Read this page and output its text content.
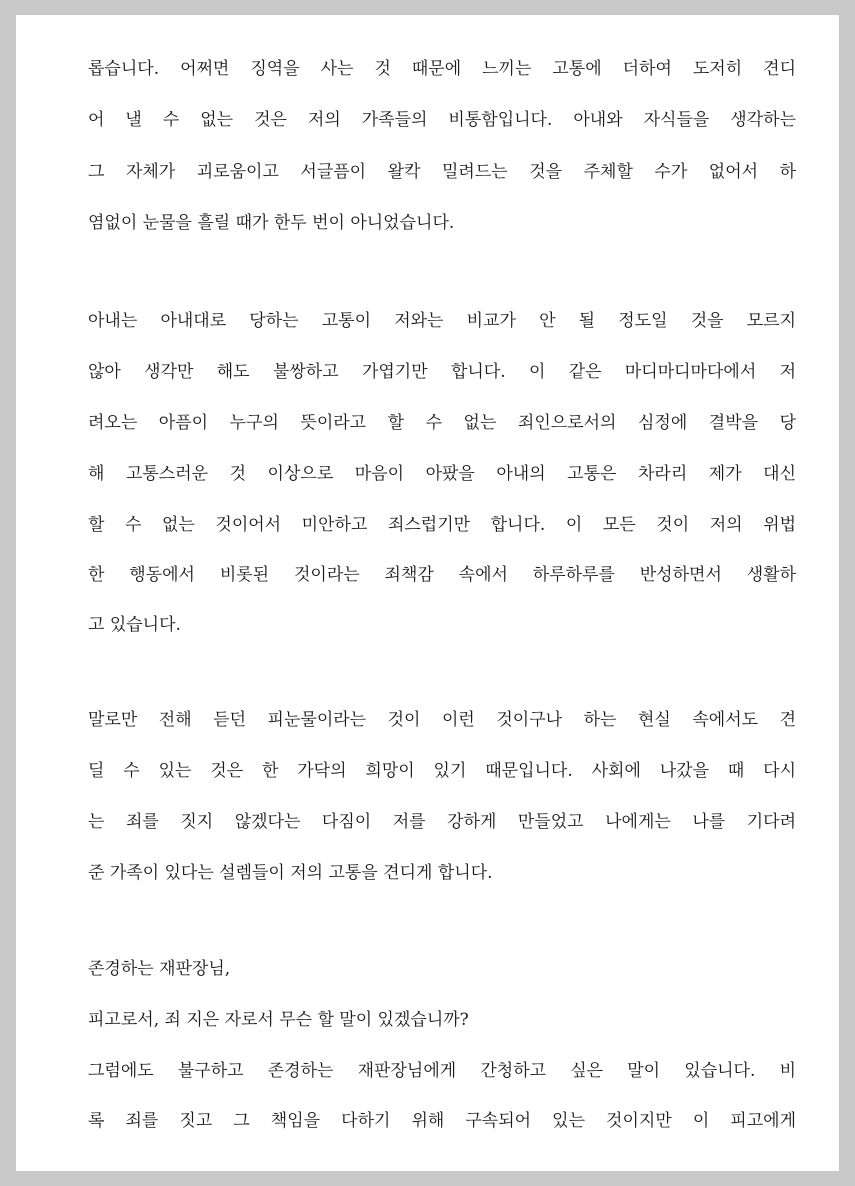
롭습니다. 어쩌면 징역을 사는 것 때문에 느끼는 고통에 더하여 도저히 견디
어 낼 수 없는 것은 저의 가족들의 비통함입니다. 아내와 자식들을 생각하는
그 자체가 괴로움이고 서글픔이 왈칵 밀려드는 것을 주체할 수가 없어서 하
염없이 눈물을 흘릴 때가 한두 번이 아니었습니다.
아내는 아내대로 당하는 고통이 저와는 비교가 안 될 정도일 것을 모르지
않아 생각만 해도 불쌍하고 가엽기만 합니다. 이 같은 마디마디마다에서 저
려오는 아픔이 누구의 뜻이라고 할 수 없는 죄인으로서의 심정에 결박을 당
해 고통스러운 것 이상으로 마음이 아팠을 아내의 고통은 차라리 제가 대신
할 수 없는 것이어서 미안하고 죄스럽기만 합니다. 이 모든 것이 저의 위법
한 행동에서 비롯된 것이라는 죄책감 속에서 하루하루를 반성하면서 생활하
고 있습니다.
말로만 전해 듣던 피눈물이라는 것이 이런 것이구나 하는 현실 속에서도 견
딜 수 있는 것은 한 가닥의 희망이 있기 때문입니다. 사회에 나갔을 때 다시
는 죄를 짓지 않겠다는 다짐이 저를 강하게 만들었고 나에게는 나를 기다려
준 가족이 있다는 설렘들이 저의 고통을 견디게 합니다.
존경하는 재판장님,
피고로서, 죄 지은 자로서 무슨 할 말이 있겠습니까?
그럼에도 불구하고 존경하는 재판장님에게 간청하고 싶은 말이 있습니다. 비
록 죄를 짓고 그 책임을 다하기 위해 구속되어 있는 것이지만 이 피고에게
